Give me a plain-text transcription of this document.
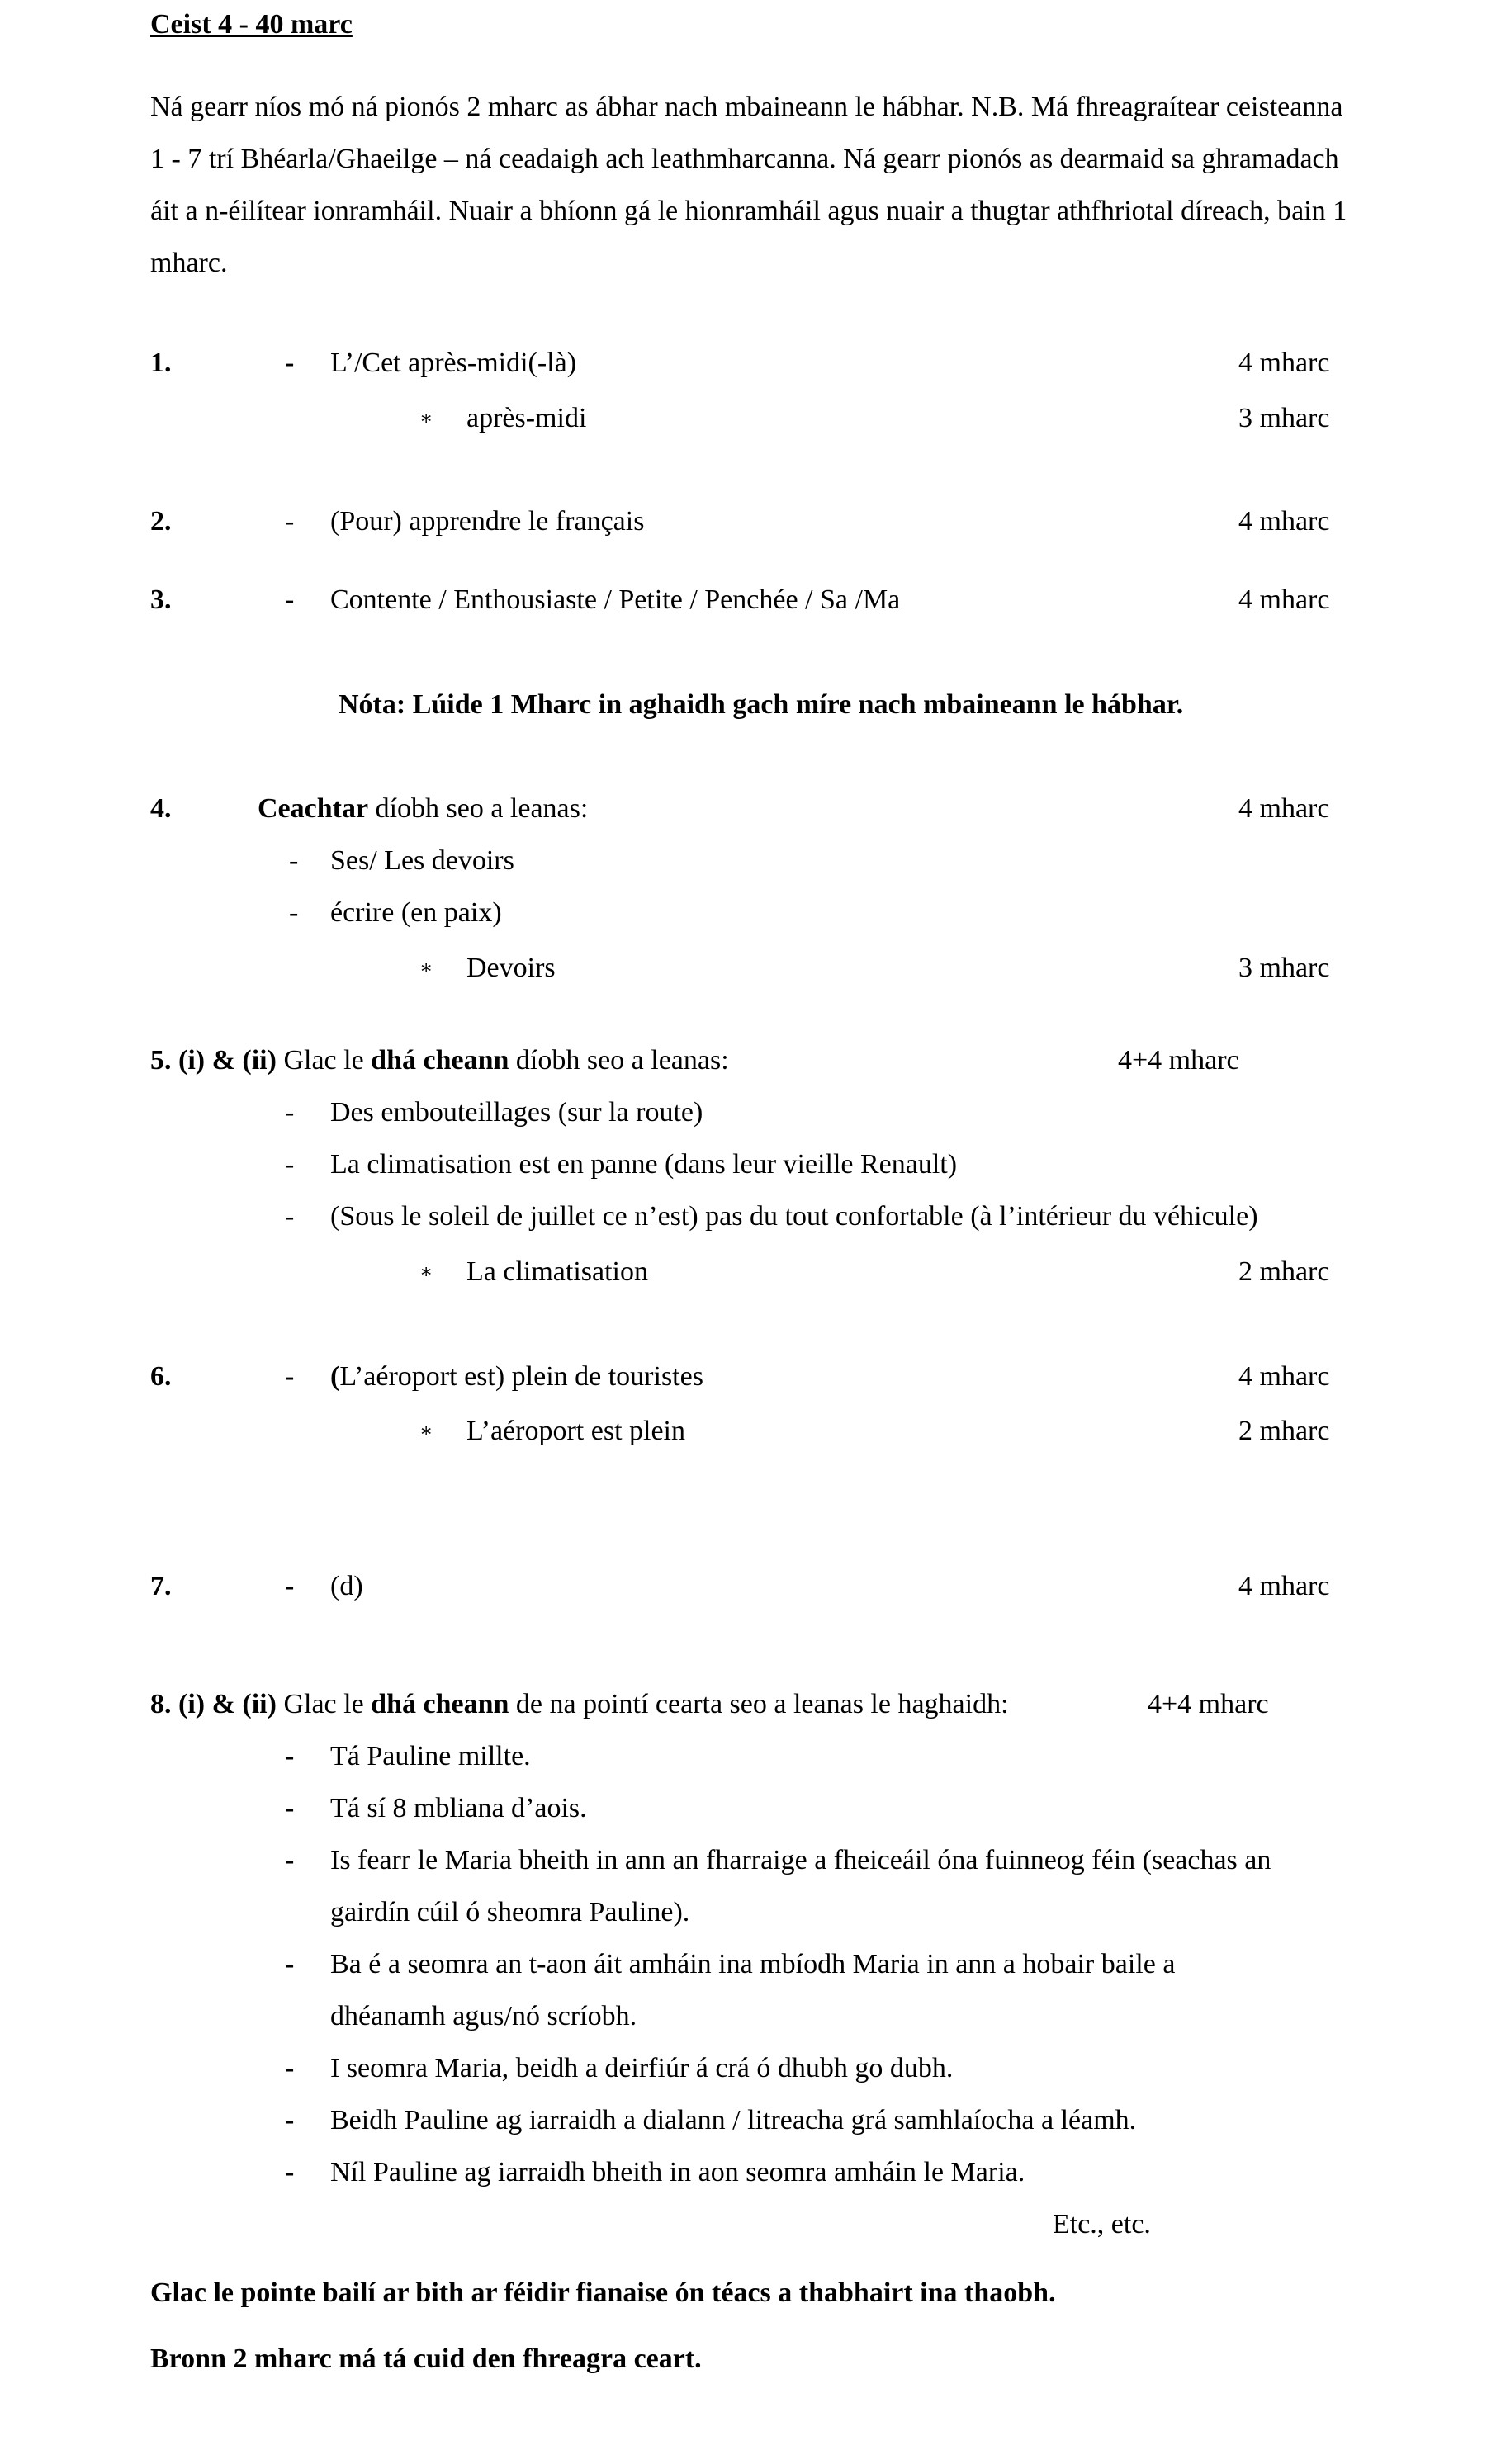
Ceist 4 - 40 marc
Ná gearr níos mó ná pionós 2 mharc as ábhar nach mbaineann le hábhar. N.B. Má fhreagraítear ceisteanna 1 - 7 trí Bhéarla/Ghaeilge – ná ceadaigh ach leathmharcanna. Ná gearr pionós as dearmaid sa ghramadach áit a n-éilítear ionramháil. Nuair a bhíonn gá le hionramháil agus nuair a thugtar athfhriotal díreach, bain 1 mharc.
1.	- L’/Cet après-midi(-là)	4 mharc
∗ après-midi	3 mharc
2.	- (Pour) apprendre le français	4 mharc
3.	- Contente / Enthousiaste / Petite / Penchée / Sa /Ma	4 mharc
Nóta: Lúide 1 Mharc in aghaidh gach míre nach mbaineann le hábhar.
4.	Ceachtar díobh seo a leanas:	4 mharc
- Ses/ Les devoirs
- écrire (en paix)
∗ Devoirs	3 mharc
5. (i) & (ii) Glac le dhá cheann díobh seo a leanas:	4+4 mharc
- Des embouteillages (sur la route)
- La climatisation est en panne (dans leur vieille Renault)
- (Sous le soleil de juillet ce n’est) pas du tout confortable (à l’intérieur du véhicule)
∗ La climatisation	2 mharc
6.	- (L’aéroport est) plein de touristes	4 mharc
∗ L’aéroport est plein	2 mharc
7.	- (d)	4 mharc
8. (i) & (ii) Glac le dhá cheann de na pointí cearta seo a leanas le haghaidh:	4+4 mharc
- Tá Pauline millte.
- Tá sí 8 mbliana d’aois.
- Is fearr le Maria bheith in ann an fharraige a fheiceáil óna fuinneog féin (seachas an
gairdín cúil ó sheomra Pauline).
- Ba é a seomra an t-aon áit amháin ina mbíodh Maria in ann a hobair baile a
dhéanamh agus/nó scríobh.
- I seomra Maria, beidh a deirfiúr á crá ó dhubh go dubh.
- Beidh Pauline ag iarraidh a dialann / litreacha grá samhlaíocha a léamh.
- Níl Pauline ag iarraidh bheith in aon seomra amháin le Maria.
Etc., etc.
Glac le pointe bailí ar bith ar féidir fianaise ón téacs a thabhairt ina thaobh.
Bronn 2 mharc má tá cuid den fhreagra ceart.
